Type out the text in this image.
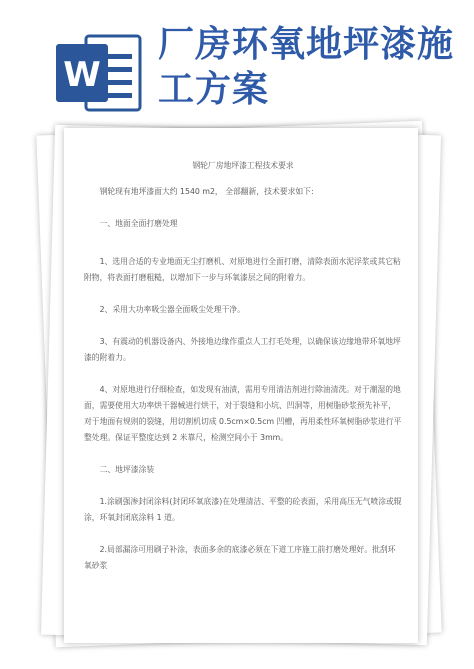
W
厂房环氧地坪漆施工方案

钢轮厂房地坪漆工程技术要求

钢轮现有地坪漆面大约 1540 m2， 全部翻新，技术要求如下:

一、地面全面打磨处理

1、选用合适的专业地面无尘打磨机、对原地进行全面打磨，清除表面水泥浮浆或其它粘附物，将表面打磨粗糙，以增加下一步与环氧漆层之间的附着力。

2、采用大功率吸尘器全面吸尘处理干净。

3、有震动的机器设备内、外接地边缘作重点人工打毛处理，以确保该边缘地带环氧地坪漆的附着力。

4、对原地进行仔细检查，如发现有油渍，需用专用清洁剂进行除油清洗。对于潮湿的地面，需要使用大功率烘干器械进行烘干，对于裂缝和小坑、凹洞等，用树脂砂浆预先补平，对于地面有规则的裂缝，用切割机切成 0.5cm×0.5cm 凹槽，再用柔性环氧树脂砂浆进行平整处理。保证平整度达到 2 米靠尺，检测空间小于 3mm。

二、地坪漆涂装

1.涂刷强渗封闭涂料(封闭环氧底漆)在处理清洁、平整的砼表面，采用高压无气喷涂或辊涂，环氧封闭底涂料 1 道。

2.局部漏涂可用刷子补涂，表面多余的底漆必须在下道工序施工前打磨处理好。批刮环氧砂浆
